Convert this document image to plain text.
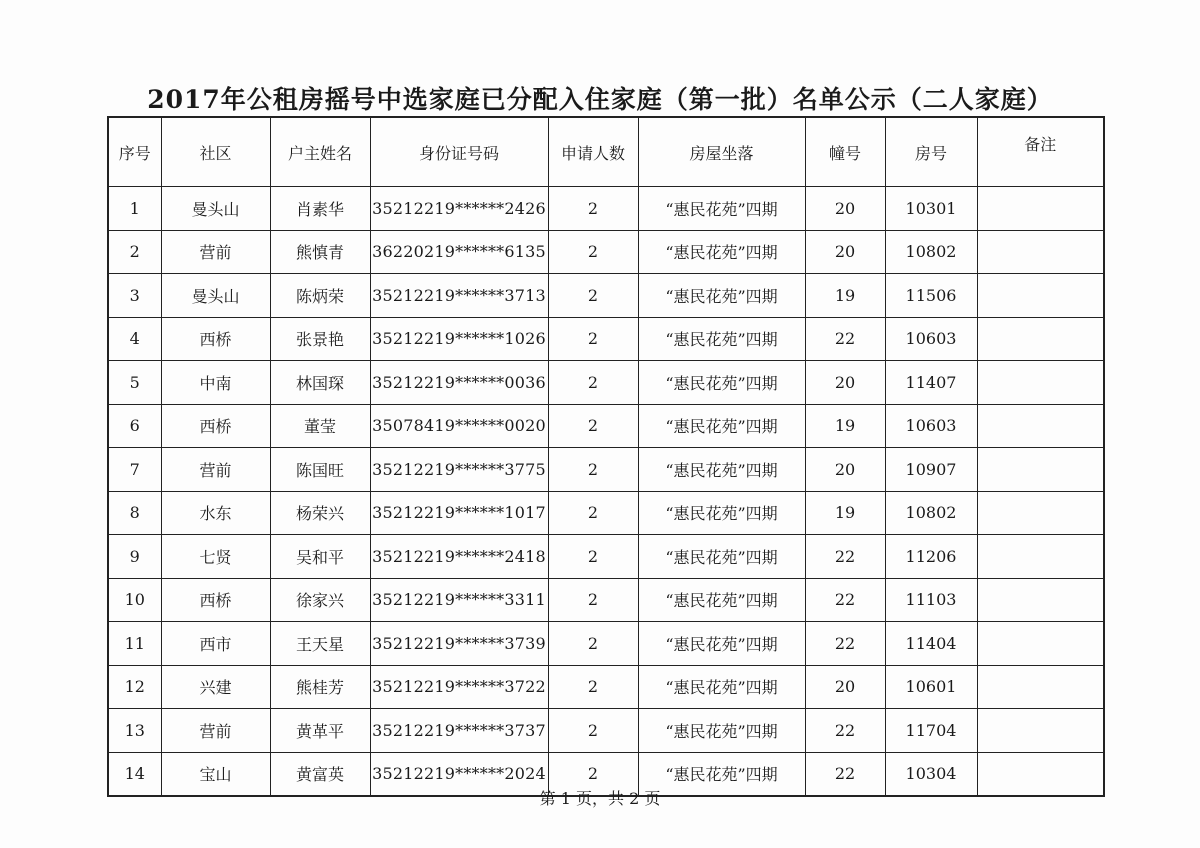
2017年公租房摇号中选家庭已分配入住家庭（第一批）名单公示（二人家庭）
序号	社区	户主姓名	身份证号码	申请人数	房屋坐落	幢号	房号	备注
1	曼头山	肖素华	35212219******2426	2	“惠民花苑”四期	20	10301	
2	营前	熊慎青	36220219******6135	2	“惠民花苑”四期	20	10802	
3	曼头山	陈炳荣	35212219******3713	2	“惠民花苑”四期	19	11506	
4	西桥	张景艳	35212219******1026	2	“惠民花苑”四期	22	10603	
5	中南	林国琛	35212219******0036	2	“惠民花苑”四期	20	11407	
6	西桥	董莹	35078419******0020	2	“惠民花苑”四期	19	10603	
7	营前	陈国旺	35212219******3775	2	“惠民花苑”四期	20	10907	
8	水东	杨荣兴	35212219******1017	2	“惠民花苑”四期	19	10802	
9	七贤	吴和平	35212219******2418	2	“惠民花苑”四期	22	11206	
10	西桥	徐家兴	35212219******3311	2	“惠民花苑”四期	22	11103	
11	西市	王天星	35212219******3739	2	“惠民花苑”四期	22	11404	
12	兴建	熊桂芳	35212219******3722	2	“惠民花苑”四期	20	10601	
13	营前	黄革平	35212219******3737	2	“惠民花苑”四期	22	11704	
14	宝山	黄富英	35212219******2024	2	“惠民花苑”四期	22	10304	
第 1 页，共 2 页
